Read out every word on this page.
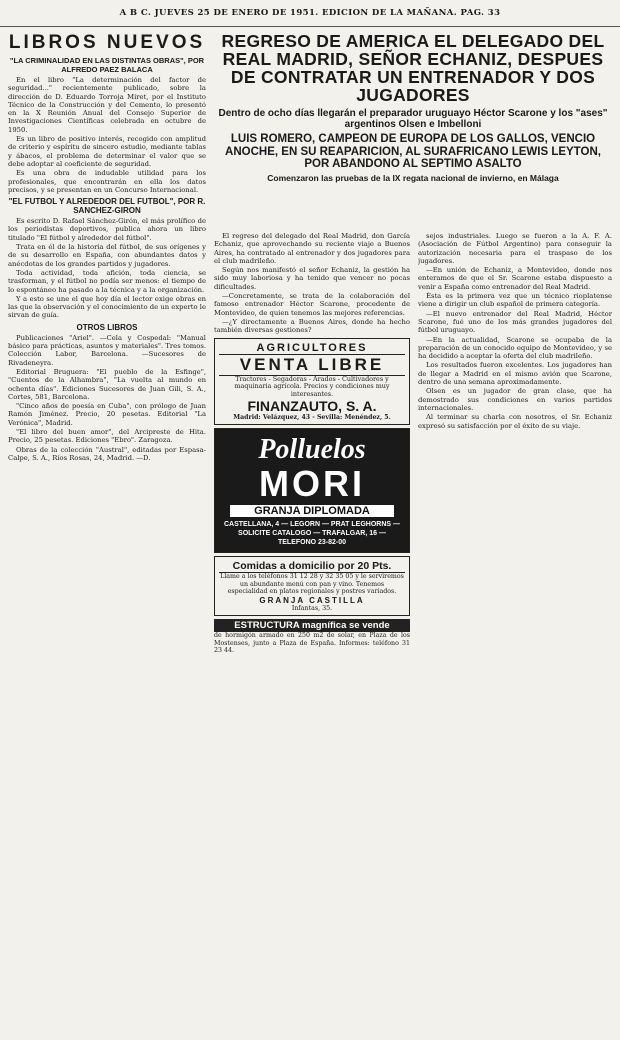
A B C. JUEVES 25 DE ENERO DE 1951. EDICION DE LA MAÑANA. PAG. 33
LIBROS NUEVOS
"LA CRIMINALIDAD EN LAS DISTINTAS OBRAS", POR ALFREDO PAEZ BALACA

En el libro "La determinación del factor de seguridad..." recientemente publicado, sobre la dirección de D. Eduardo Torroja Miret, por el Instituto Técnico de la Construcción y del Cemento, lo presentó en la X Reunión Anual del Consejo Superior de Investigaciones Científicas celebrada en octubre de 1950.

Es un libro de positivo interés, recogido con amplitud de criterio y espíritu de sincero estudio, mediante tablas y ábacos, el problema de determinar el valor que se debe adoptar al coeficiente de seguridad.

Es una obra de indudable utilidad para los profesionales, que encontrarán en ella los datos precisos, y se presentan en un Concurso Internacional.

"EL FUTBOL Y ALREDEDOR DEL FUTBOL", POR R. SANCHEZ-GIRON

Es escrito D. Rafael Sánchez-Girón, el más prolífico de los periodistas deportivos, publica ahora un libro titulado "El fútbol y alrededor del fútbol".

Trata en él de la historia del fútbol, de sus orígenes y de su desarrollo en España, con abundantes datos y anécdotas de los grandes partidos y jugadores.

Toda actividad, toda afición, toda ciencia, se trasforman, y el fútbol no podía ser menos: el tiempo de lo espontáneo ha pasado a la técnica y a la organización.

Y a esto se une el que hoy día el lector exige obras en las que la observación y el conocimiento de un experto le sirvan de guía.

OTROS LIBROS

Publicaciones "Ariel". —Cela y Cospedal: "Manual básico para prácticas, asuntos y materiales". Tres tomos. Colección Labor, Barcelona. —Sucesores de Rivadeneyra.

Editorial Bruguera: "El pueblo de la Esfinge", "Cuentos de la Alhambra", "La vuelta al mundo en ochenta días". Ediciones Sucesores de Juan Gili, S. A., Cortes, 581, Barcelona.

"Cinco años de poesía en Cuba", con prólogo de Juan Ramón Jiménez. Precio, 20 pesetas. Editorial "La Verónica", Madrid.

"El libro del buen amor", del Arcipreste de Hita. Precio, 25 pesetas. Ediciones "Ebro". Zaragoza.

Obras de la colección "Austral", editadas por Espasa-Calpe, S. A., Ríos Rosas, 24, Madrid. —D.

REGRESO DE AMERICA EL DELEGADO DEL REAL MADRID, SEÑOR ECHANIZ, DESPUES DE CONTRATAR UN ENTRENADOR Y DOS JUGADORES
Dentro de ocho días llegarán el preparador uruguayo Héctor Scarone y los "ases" argentinos Olsen e Imbelloni
LUIS ROMERO, CAMPEON DE EUROPA DE LOS GALLOS, VENCIO ANOCHE, EN SU REAPARICION, AL SURAFRICANO LEWIS LEYTON, POR ABANDONO AL SEPTIMO ASALTO
Comenzaron las pruebas de la IX regata nacional de invierno, en Málaga

El regreso del delegado del Real Madrid, don García Echaniz, que aprovechando su reciente viaje a Buenos Aires, ha contratado al entrenador y dos jugadores para el club madrileño.

Según nos manifestó el señor Echaniz, la gestión ha sido muy laboriosa y ha tenido que vencer no pocas dificultades.

—Concretamente, se trata de la colaboración del famoso entrenador Héctor Scarone, procedente de Montevideo, de quien tenemos las mejores referencias.

—¿Y directamente a Buenos Aires, donde ha hecho también diversas gestiones?

AGRICULTORES
VENTA LIBRE
Tractores - Segadoras - Arados - Cultivadores y maquinaria agrícola. Precios y condiciones muy interesantes.
FINANZAUTO, S. A.
Madrid: Velázquez, 43 - Sevilla: Menéndez, 5.
Polluelos
MORI
GRANJA DIPLOMADA
CASTELLANA, 4 — LEGORN — PRAT LEGHORNS — SOLICITE CATALOGO — TRAFALGAR, 16 — TELEFONO 23-82-00
Comidas a domicilio por 20 Pts.
Llame a los teléfonos 31 12 28 y 32 35 05 y le serviremos un abundante menú con pan y vino. Tenemos especialidad en platos regionales y postres variados.
GRANJA CASTILLA
Infantas, 35.
ESTRUCTURA magnífica se vende
de hormigón armado en 250 m2 de solar, en Plaza de los Mostenses, junto a Plaza de España. Informes: teléfono 31 23 44.

sejos industriales. Luego se fueron a la A. F. A. (Asociación de Fútbol Argentino) para conseguir la autorización necesaria para el traspaso de los jugadores.

—En unión de Echaniz, a Montevideo, donde nos enteramos de que el Sr. Scarone estaba dispuesto a venir a España como entrenador del Real Madrid.

Ésta es la primera vez que un técnico rioplatense viene a dirigir un club español de primera categoría.

—El nuevo entrenador del Real Madrid, Héctor Scarone, fué uno de los más grandes jugadores del fútbol uruguayo.

—En la actualidad, Scarone se ocupaba de la preparación de un conocido equipo de Montevideo, y se ha decidido a aceptar la oferta del club madrileño.

Los resultados fueron excelentes. Los jugadores han de llegar a Madrid en el mismo avión que Scarone, dentro de una semana aproximadamente.

Olsen es un jugador de gran clase, que ha demostrado sus condiciones en varios partidos internacionales.

Al terminar su charla con nosotros, el Sr. Echaniz expresó su satisfacción por el éxito de su viaje.
